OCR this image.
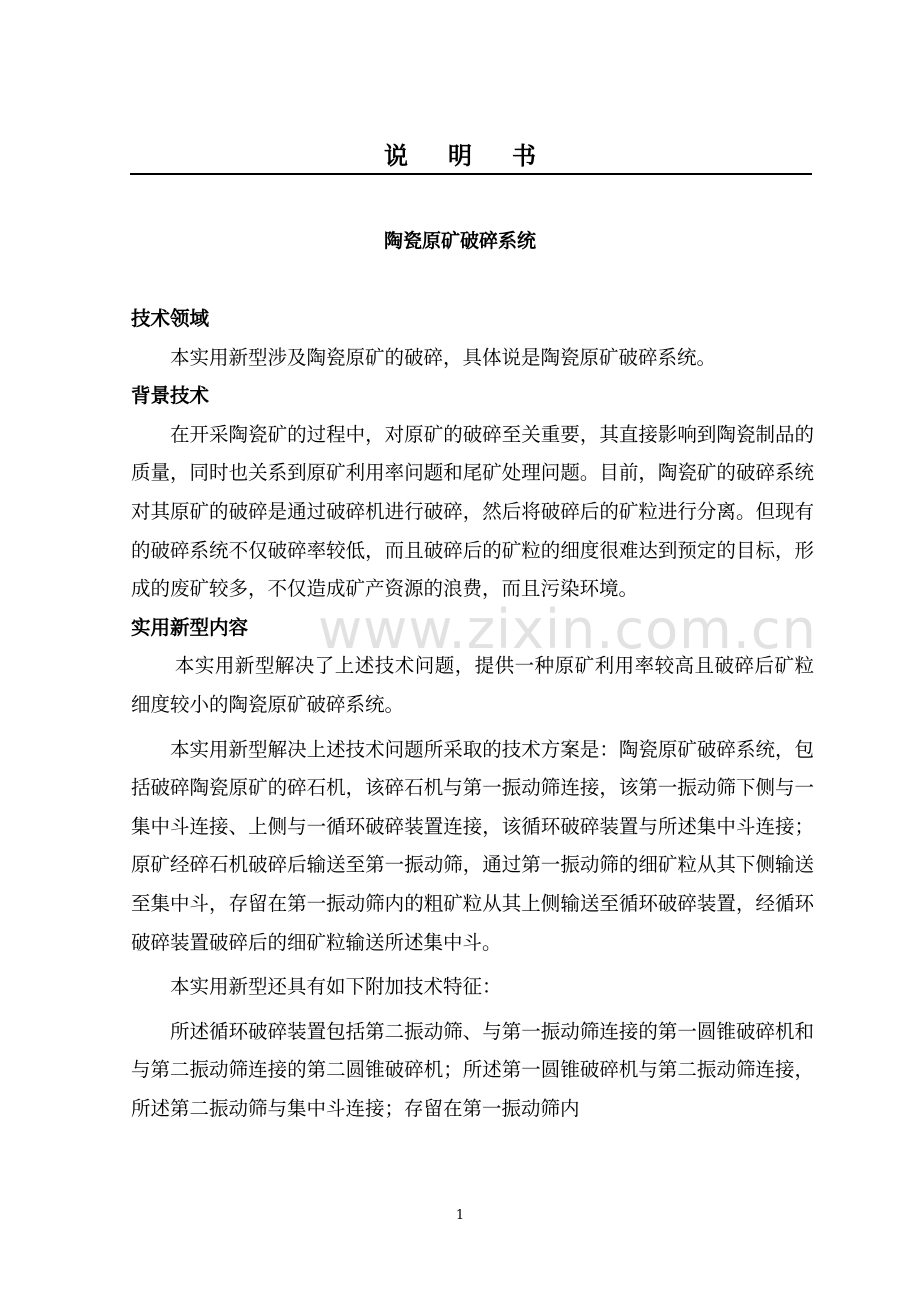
说明书
陶瓷原矿破碎系统
技术领域
本实用新型涉及陶瓷原矿的破碎，具体说是陶瓷原矿破碎系统。
背景技术
在开采陶瓷矿的过程中，对原矿的破碎至关重要，其直接影响到陶瓷制品的质量，同时也关系到原矿利用率问题和尾矿处理问题。目前，陶瓷矿的破碎系统对其原矿的破碎是通过破碎机进行破碎，然后将破碎后的矿粒进行分离。但现有的破碎系统不仅破碎率较低，而且破碎后的矿粒的细度很难达到预定的目标，形成的废矿较多，不仅造成矿产资源的浪费，而且污染环境。
实用新型内容
本实用新型解决了上述技术问题，提供一种原矿利用率较高且破碎后矿粒细度较小的陶瓷原矿破碎系统。
本实用新型解决上述技术问题所采取的技术方案是：陶瓷原矿破碎系统，包括破碎陶瓷原矿的碎石机，该碎石机与第一振动筛连接，该第一振动筛下侧与一集中斗连接、上侧与一循环破碎装置连接，该循环破碎装置与所述集中斗连接；原矿经碎石机破碎后输送至第一振动筛，通过第一振动筛的细矿粒从其下侧输送至集中斗，存留在第一振动筛内的粗矿粒从其上侧输送至循环破碎装置，经循环破碎装置破碎后的细矿粒输送所述集中斗。
本实用新型还具有如下附加技术特征：
所述循环破碎装置包括第二振动筛、与第一振动筛连接的第一圆锥破碎机和与第二振动筛连接的第二圆锥破碎机；所述第一圆锥破碎机与第二振动筛连接，所述第二振动筛与集中斗连接；存留在第一振动筛内
www.zixin.com.cn
1
